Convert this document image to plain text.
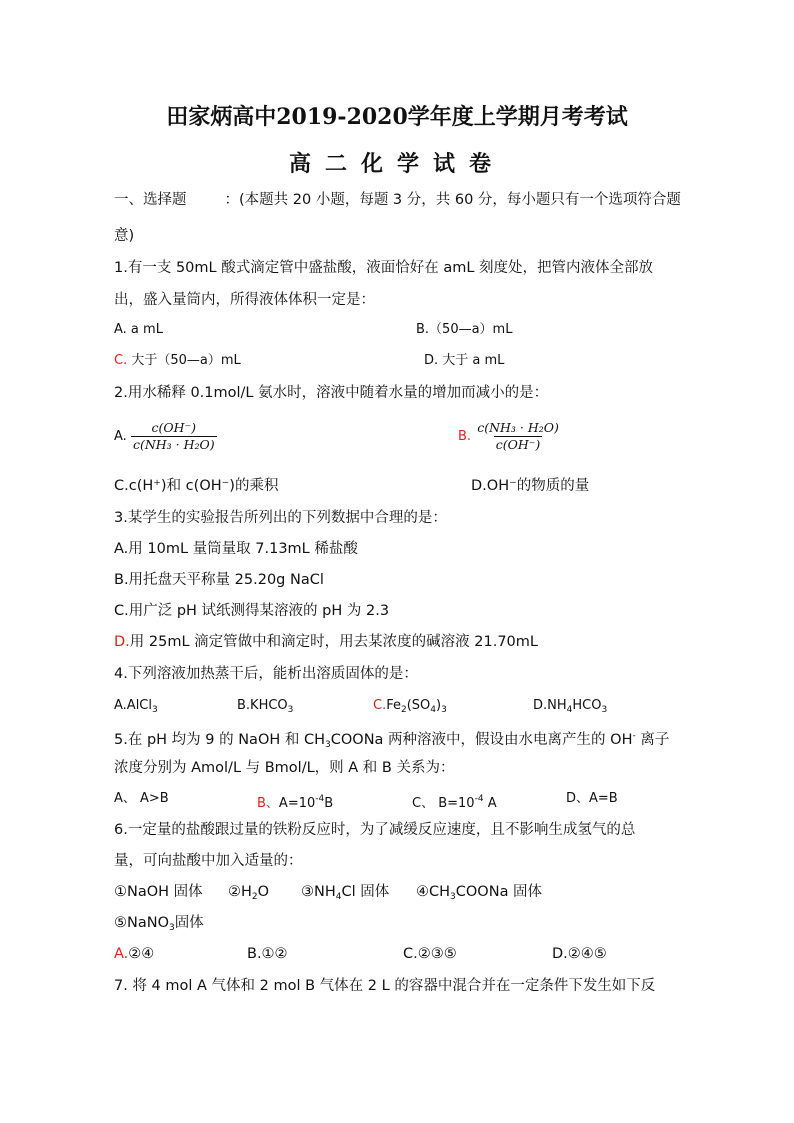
田家炳高中2019-2020学年度上学期月考考试
高二化学试卷
一、选择题	：(本题共 20 小题，每题 3 分，共 60 分，每小题只有一个选项符合题
意)
1.有一支 50mL 酸式滴定管中盛盐酸，液面恰好在 amL 刻度处，把管内液体全部放
出，盛入量筒内，所得液体体积一定是：
A. a mL	B.（50—a）mL
C. 大于（50—a）mL	D. 大于 a mL
2.用水稀释 0.1mol/L 氨水时，溶液中随着水量的增加而减小的是：
A. $\frac{c(OH^-)}{\text{c(NH₃ · H₂O)}}$	B. $\frac{\text{c(NH₃ · H₂O)}}{c(OH^-)}$
C.c(H⁺)和 c(OH⁻)的乘积	D.OH⁻的物质的量
3.某学生的实验报告所列出的下列数据中合理的是：
A.用 10mL 量筒量取 7.13mL 稀盐酸
B.用托盘天平称量 25.20g NaCl
C.用广泛 pH 试纸测得某溶液的 pH 为 2.3
D.用 25mL 滴定管做中和滴定时，用去某浓度的碱溶液 21.70mL
4.下列溶液加热蒸干后，能析出溶质固体的是：
A.AlCl$_3$	$B.KHCO_3$	$C.Fe_2(SO_4)_3$	$D.NH_4HCO_3$
5.在 pH 均为 9 的 NaOH 和 $CH_3COONa$ 两种溶液中，假设由水电离产生的 OH- 离子
浓度分别为 Amol/L 与 Bmol/L，则 A 和 B 关系为：
A、 A>B	B、$A=10^{-4}B$	C、 $B=10^{-4}$ A	D、A=B
6.一定量的盐酸跟过量的铁粉反应时，为了减缓反应速度，且不影响生成氢气的总
量，可向盐酸中加入适量的：
①NaOH 固体 $②H_2O$ $③NH_4Cl$ 固体 $④CH_3COONa$ 固体
⑤NaNO$_3$固体
A.②④	B.①②	C.②③⑤	D.②④⑤
7. 将 4 mol A 气体和 2 mol B 气体在 2 L 的容器中混合并在一定条件下发生如下反
